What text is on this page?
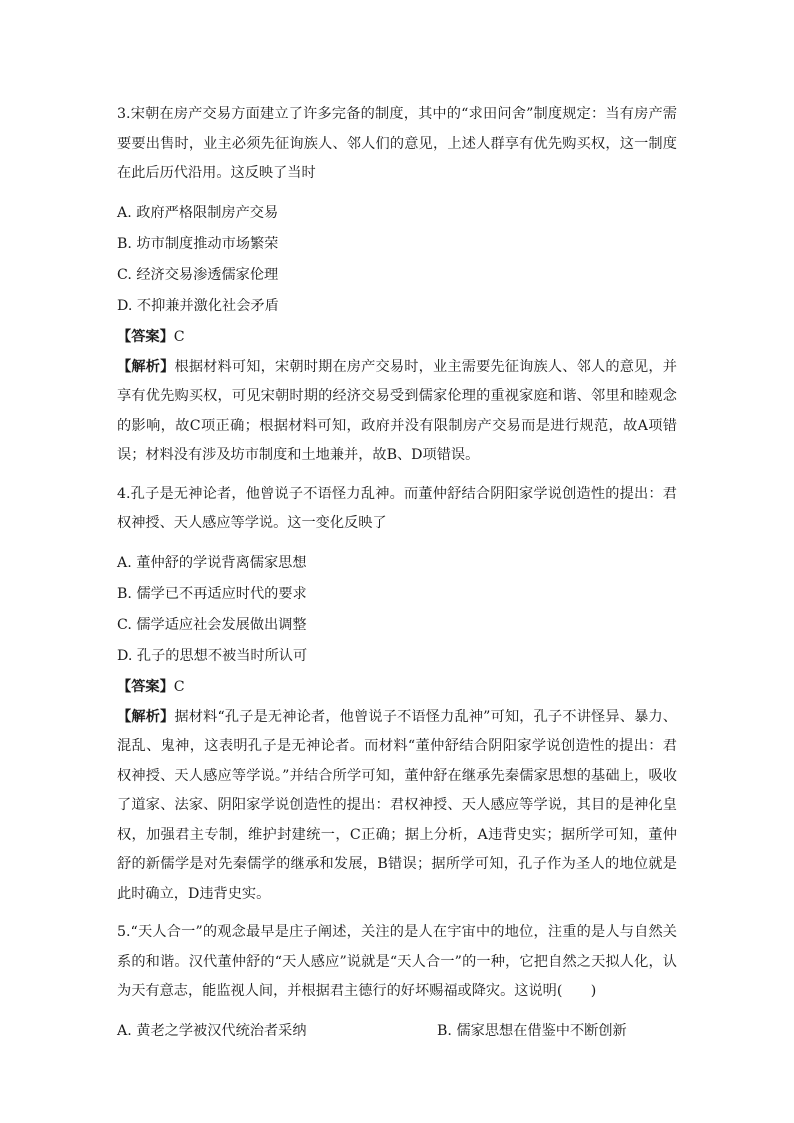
3.宋朝在房产交易方面建立了许多完备的制度，其中的“求田问舍”制度规定：当有房产需要要出售时，业主必须先征询族人、邻人们的意见，上述人群享有优先购买权，这一制度在此后历代沿用。这反映了当时

A. 政府严格限制房产交易

B. 坊市制度推动市场繁荣

C. 经济交易渗透儒家伦理

D. 不抑兼并激化社会矛盾

【答案】C

【解析】根据材料可知，宋朝时期在房产交易时，业主需要先征询族人、邻人的意见，并享有优先购买权，可见宋朝时期的经济交易受到儒家伦理的重视家庭和谐、邻里和睦观念的影响，故C项正确；根据材料可知，政府并没有限制房产交易而是进行规范，故A项错误；材料没有涉及坊市制度和土地兼并，故B、D项错误。

4.孔子是无神论者，他曾说子不语怪力乱神。而董仲舒结合阴阳家学说创造性的提出：君权神授、天人感应等学说。这一变化反映了

A. 董仲舒的学说背离儒家思想

B. 儒学已不再适应时代的要求

C. 儒学适应社会发展做出调整

D. 孔子的思想不被当时所认可

【答案】C

【解析】据材料“孔子是无神论者，他曾说子不语怪力乱神”可知，孔子不讲怪异、暴力、混乱、鬼神，这表明孔子是无神论者。而材料“董仲舒结合阴阳家学说创造性的提出：君权神授、天人感应等学说。”并结合所学可知，董仲舒在继承先秦儒家思想的基础上，吸收了道家、法家、阴阳家学说创造性的提出：君权神授、天人感应等学说，其目的是神化皇权，加强君主专制，维护封建统一，C正确；据上分析，A违背史实；据所学可知，董仲舒的新儒学是对先秦儒学的继承和发展，B错误；据所学可知，孔子作为圣人的地位就是此时确立，D违背史实。

5.“天人合一”的观念最早是庄子阐述，关注的是人在宇宙中的地位，注重的是人与自然关系的和谐。汉代董仲舒的“天人感应”说就是“天人合一”的一种，它把自然之天拟人化，认为天有意志，能监视人间，并根据君主德行的好坏赐福或降灾。这说明(　　)

A. 黄老之学被汉代统治者采纳	B. 儒家思想在借鉴中不断创新
